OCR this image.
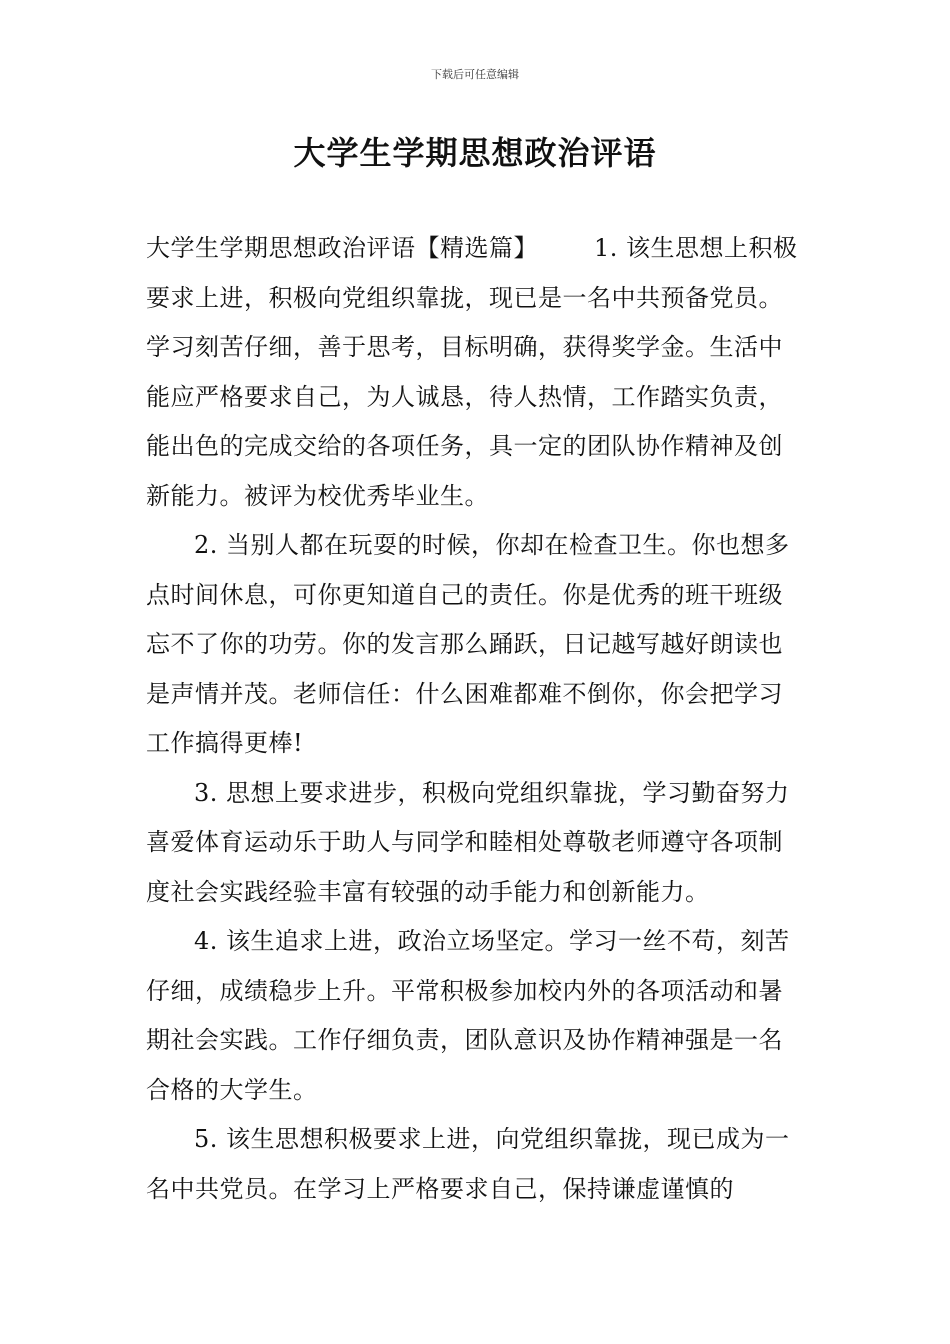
下载后可任意编辑
大学生学期思想政治评语

大学生学期思想政治评语【精选篇】 1. 该生思想上积极要求上进，积极向党组织靠拢，现已是一名中共预备党员。学习刻苦仔细，善于思考，目标明确，获得奖学金。生活中能应严格要求自己，为人诚恳，待人热情，工作踏实负责，能出色的完成交给的各项任务，具一定的团队协作精神及创新能力。被评为校优秀毕业生。

2. 当别人都在玩耍的时候，你却在检查卫生。你也想多点时间休息，可你更知道自己的责任。你是优秀的班干班级忘不了你的功劳。你的发言那么踊跃，日记越写越好朗读也是声情并茂。老师信任：什么困难都难不倒你，你会把学习工作搞得更棒!

3. 思想上要求进步，积极向党组织靠拢，学习勤奋努力喜爱体育运动乐于助人与同学和睦相处尊敬老师遵守各项制度社会实践经验丰富有较强的动手能力和创新能力。

4. 该生追求上进，政治立场坚定。学习一丝不苟，刻苦仔细，成绩稳步上升。平常积极参加校内外的各项活动和暑期社会实践。工作仔细负责，团队意识及协作精神强是一名合格的大学生。

5. 该生思想积极要求上进，向党组织靠拢，现已成为一名中共党员。在学习上严格要求自己，保持谦虚谨慎的
